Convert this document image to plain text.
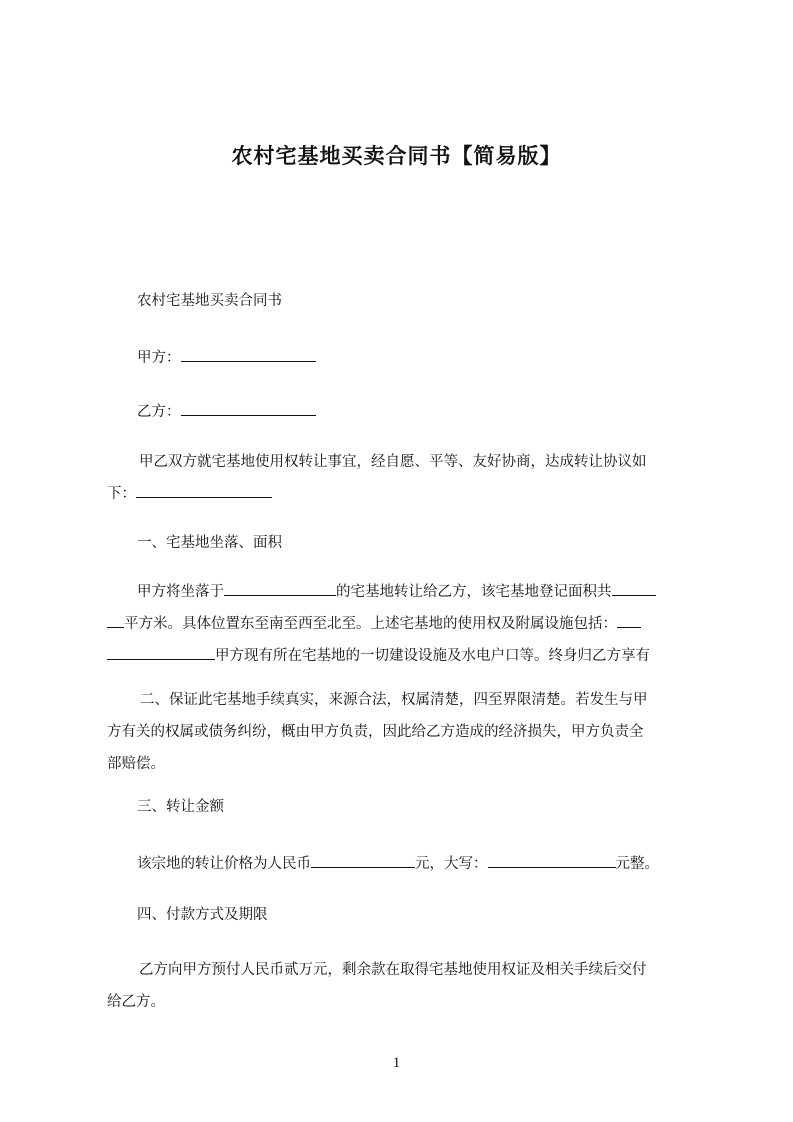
农村宅基地买卖合同书【简易版】
农村宅基地买卖合同书
甲方：
乙方：
甲乙双方就宅基地使用权转让事宜，经自愿、平等、友好协商，达成转让协议如
下：
一、宅基地坐落、面积
甲方将坐落于	的宅基地转让给乙方，该宅基地登记面积共
平方米。具体位置东至南至西至北至。上述宅基地的使用权及附属设施包括：
甲方现有所在宅基地的一切建设设施及水电户口等。终身归乙方享有
二、保证此宅基地手续真实，来源合法，权属清楚，四至界限清楚。若发生与甲
方有关的权属或债务纠纷，概由甲方负责，因此给乙方造成的经济损失，甲方负责全
部赔偿。
三、转让金额
该宗地的转让价格为人民币	元，大写：	元整。
四、付款方式及期限
乙方向甲方预付人民币贰万元，剩余款在取得宅基地使用权证及相关手续后交付
给乙方。
1
